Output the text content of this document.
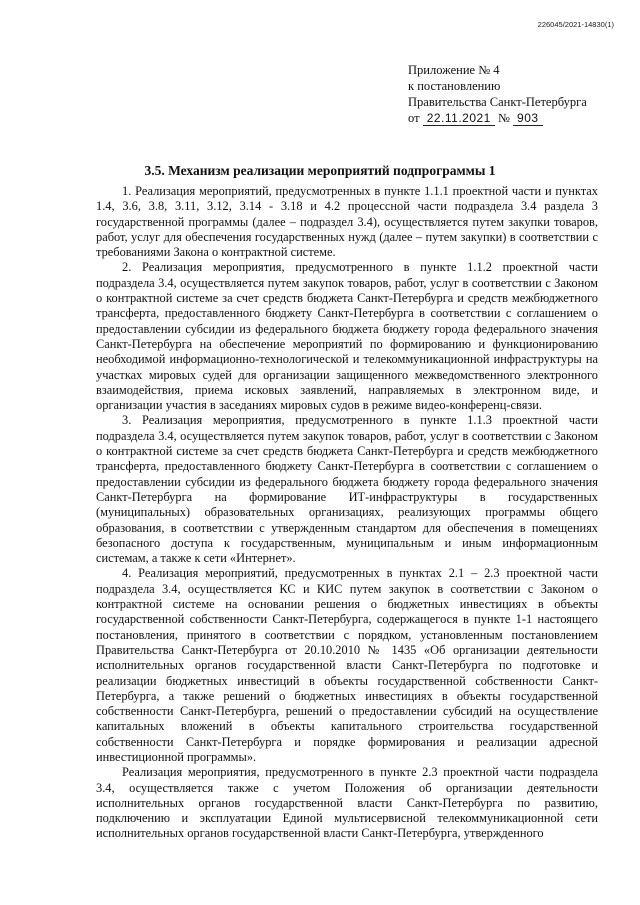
226045/2021-14830(1)
Приложение № 4
к постановлению
Правительства Санкт-Петербурга
от 22.11.2021 № 903
3.5. Механизм реализации мероприятий подпрограммы 1

1. Реализация мероприятий, предусмотренных в пункте 1.1.1 проектной части и пунктах 1.4, 3.6, 3.8, 3.11, 3.12, 3.14 - 3.18 и 4.2 процессной части подраздела 3.4 раздела 3 государственной программы (далее – подраздел 3.4), осуществляется путем закупки товаров, работ, услуг для обеспечения государственных нужд (далее – путем закупки) в соответствии с требованиями Закона о контрактной системе.

2. Реализация мероприятия, предусмотренного в пункте 1.1.2 проектной части подраздела 3.4, осуществляется путем закупок товаров, работ, услуг в соответствии с Законом о контрактной системе за счет средств бюджета Санкт-Петербурга и средств межбюджетного трансферта, предоставленного бюджету Санкт-Петербурга в соответствии с соглашением о предоставлении субсидии из федерального бюджета бюджету города федерального значения Санкт-Петербурга на обеспечение мероприятий по формированию и функционированию необходимой информационно-технологической и телекоммуникационной инфраструктуры на участках мировых судей для организации защищенного межведомственного электронного взаимодействия, приема исковых заявлений, направляемых в электронном виде, и организации участия в заседаниях мировых судов в режиме видео-конференц-связи.

3. Реализация мероприятия, предусмотренного в пункте 1.1.3 проектной части подраздела 3.4, осуществляется путем закупок товаров, работ, услуг в соответствии с Законом о контрактной системе за счет средств бюджета Санкт-Петербурга и средств межбюджетного трансферта, предоставленного бюджету Санкт-Петербурга в соответствии с соглашением о предоставлении субсидии из федерального бюджета бюджету города федерального значения Санкт-Петербурга на формирование ИТ-инфраструктуры в государственных (муниципальных) образовательных организациях, реализующих программы общего образования, в соответствии с утвержденным стандартом для обеспечения в помещениях безопасного доступа к государственным, муниципальным и иным информационным системам, а также к сети «Интернет».

4. Реализация мероприятий, предусмотренных в пунктах 2.1 – 2.3 проектной части подраздела 3.4, осуществляется КС и КИС путем закупок в соответствии с Законом о контрактной системе на основании решения о бюджетных инвестициях в объекты государственной собственности Санкт-Петербурга, содержащегося в пункте 1-1 настоящего постановления, принятого в соответствии с порядком, установленным постановлением Правительства Санкт-Петербурга от 20.10.2010 № 1435 «Об организации деятельности исполнительных органов государственной власти Санкт-Петербурга по подготовке и реализации бюджетных инвестиций в объекты государственной собственности Санкт-Петербурга, а также решений о бюджетных инвестициях в объекты государственной собственности Санкт-Петербурга, решений о предоставлении субсидий на осуществление капитальных вложений в объекты капитального строительства государственной собственности Санкт-Петербурга и порядке формирования и реализации адресной инвестиционной программы».

Реализация мероприятия, предусмотренного в пункте 2.3 проектной части подраздела 3.4, осуществляется также с учетом Положения об организации деятельности исполнительных органов государственной власти Санкт-Петербурга по развитию, подключению и эксплуатации Единой мультисервисной телекоммуникационной сети исполнительных органов государственной власти Санкт-Петербурга, утвержденного
